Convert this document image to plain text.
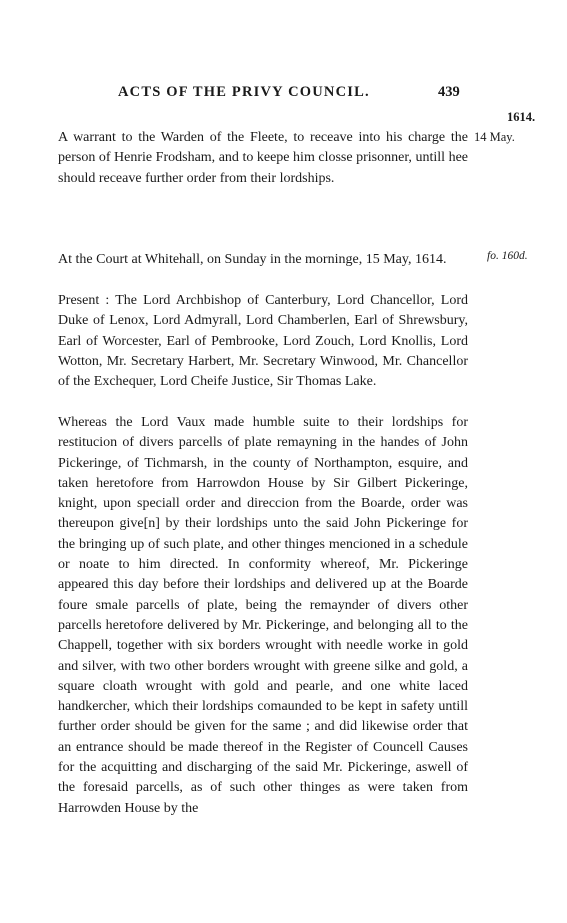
ACTS OF THE PRIVY COUNCIL.	439
1614.
14 May.
fo. 160d.

A warrant to the Warden of the Fleete, to receave into his charge the person of Henrie Frodsham, and to keepe him closse prisonner, untill hee should receave further order from their lordships.

At the Court at Whitehall, on Sunday in the morninge, 15 May, 1614.

Present : The Lord Archbishop of Canterbury, Lord Chancellor, Lord Duke of Lenox, Lord Admyrall, Lord Chamberlen, Earl of Shrewsbury, Earl of Worcester, Earl of Pembrooke, Lord Zouch, Lord Knollis, Lord Wotton, Mr. Secretary Harbert, Mr. Secretary Winwood, Mr. Chancellor of the Exchequer, Lord Cheife Justice, Sir Thomas Lake.

Whereas the Lord Vaux made humble suite to their lordships for restitucion of divers parcells of plate remayning in the handes of John Pickeringe, of Tichmarsh, in the county of Northampton, esquire, and taken heretofore from Harrowdon House by Sir Gilbert Pickeringe, knight, upon speciall order and direccion from the Boarde, order was thereupon give[n] by their lordships unto the said John Pickeringe for the bringing up of such plate, and other thinges mencioned in a schedule or noate to him directed. In conformity whereof, Mr. Pickeringe appeared this day before their lordships and delivered up at the Boarde foure smale parcells of plate, being the remaynder of divers other parcells heretofore delivered by Mr. Pickeringe, and belonging all to the Chappell, together with six borders wrought with needle worke in gold and silver, with two other borders wrought with greene silke and gold, a square cloath wrought with gold and pearle, and one white laced handkercher, which their lordships comaunded to be kept in safety untill further order should be given for the same ; and did likewise order that an entrance should be made thereof in the Register of Councell Causes for the acquitting and discharging of the said Mr. Pickeringe, aswell of the foresaid parcells, as of such other thinges as were taken from Harrowden House by the
